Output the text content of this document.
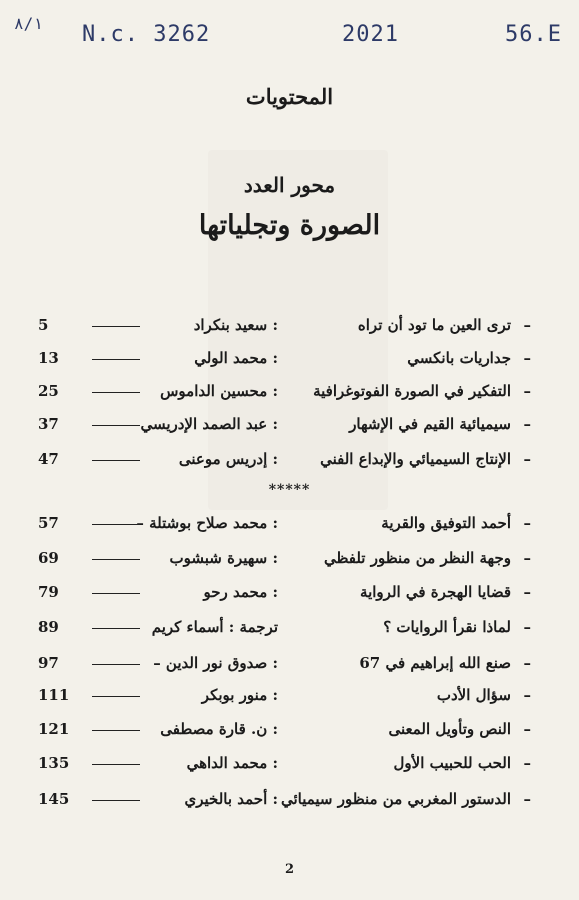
٨/١ N.c. 3262	2021	56.E
المحتويات
محور العدد
الصورة وتجلياتها
–
ترى العين ما تود أن تراه
: سعيد بنكراد
5
–
جداريات بانكسي
: محمد الولي
13
–
التفكير في الصورة الفوتوغرافية
: محسين الداموس
25
–
سيميائية القيم في الإشهار
: عبد الصمد الإدريسي
37
–
الإنتاج السيميائي والإبداع الفني
: إدريس موعنى
47
*****
–
أحمد التوفيق والقرية
: محمد صلاح بوشتلة –
57
–
وجهة النظر من منظور تلفظي
: سهيرة شبشوب
69
–
قضايا الهجرة في الرواية
: محمد رحو
79
–
لماذا نقرأ الروايات ؟
ترجمة : أسماء كريم
89
–
صنع الله إبراهيم في 67
: صدوق نور الدين –
97
–
سؤال الأدب
: منور بوبكر
111
–
النص وتأويل المعنى
: ن. قارة مصطفى
121
–
الحب للحبيب الأول
: محمد الداهي
135
–
الدستور المغربي من منظور سيميائي
: أحمد بالخيري
145
2
